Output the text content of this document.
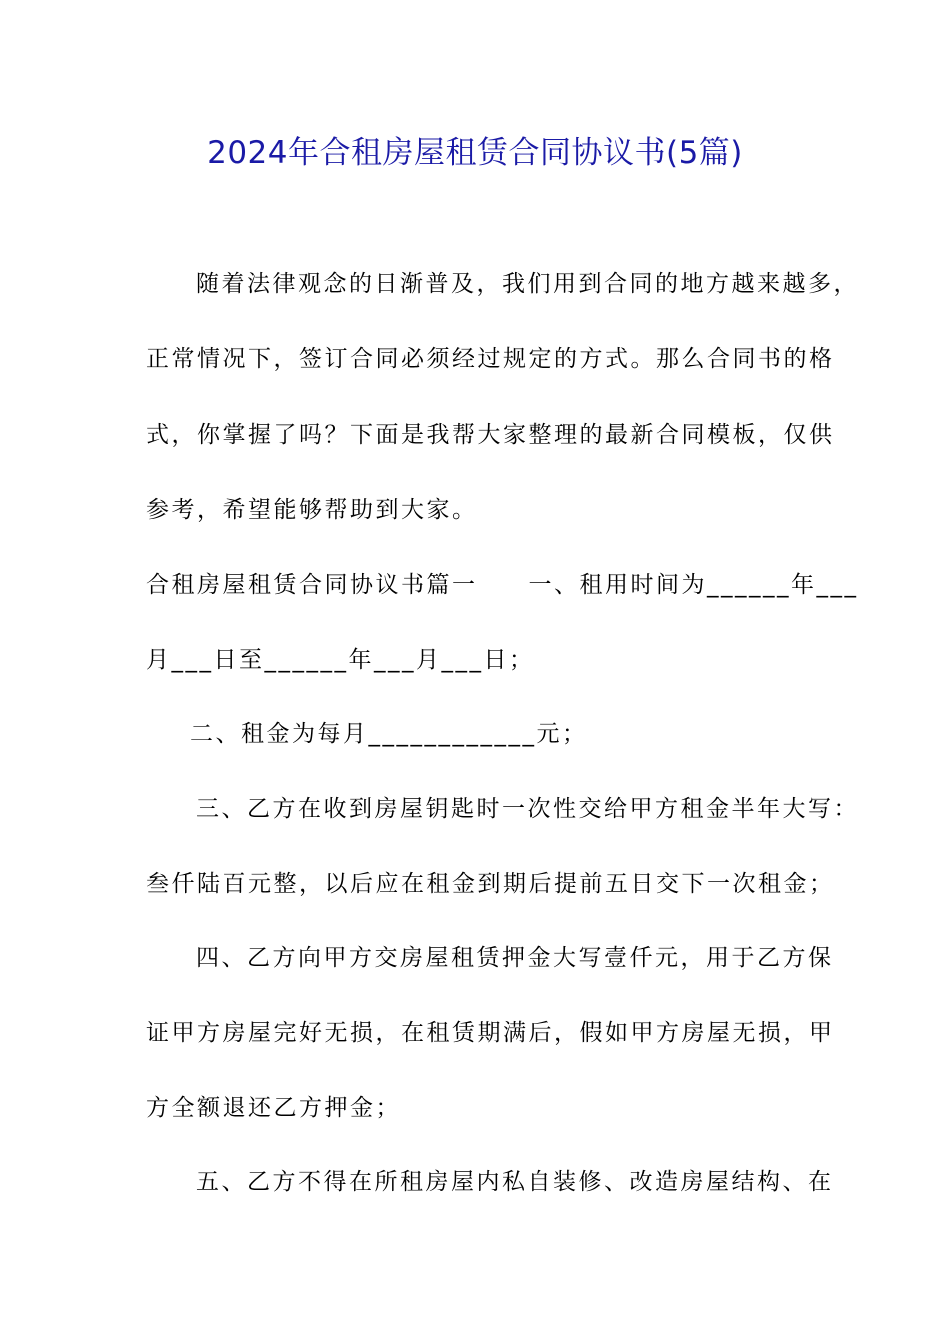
2024年合租房屋租赁合同协议书(5篇)
随着法律观念的日渐普及，我们用到合同的地方越来越多，
正常情况下，签订合同必须经过规定的方式。那么合同书的格
式，你掌握了吗？下面是我帮大家整理的最新合同模板，仅供
参考，希望能够帮助到大家。
合租房屋租赁合同协议书篇一　　一、租用时间为______年___
月___日至______年___月___日；
二、租金为每月____________元；
三、乙方在收到房屋钥匙时一次性交给甲方租金半年大写：
叁仟陆百元整，以后应在租金到期后提前五日交下一次租金；
四、乙方向甲方交房屋租赁押金大写壹仟元，用于乙方保
证甲方房屋完好无损，在租赁期满后，假如甲方房屋无损，甲
方全额退还乙方押金；
五、乙方不得在所租房屋内私自装修、改造房屋结构、在
